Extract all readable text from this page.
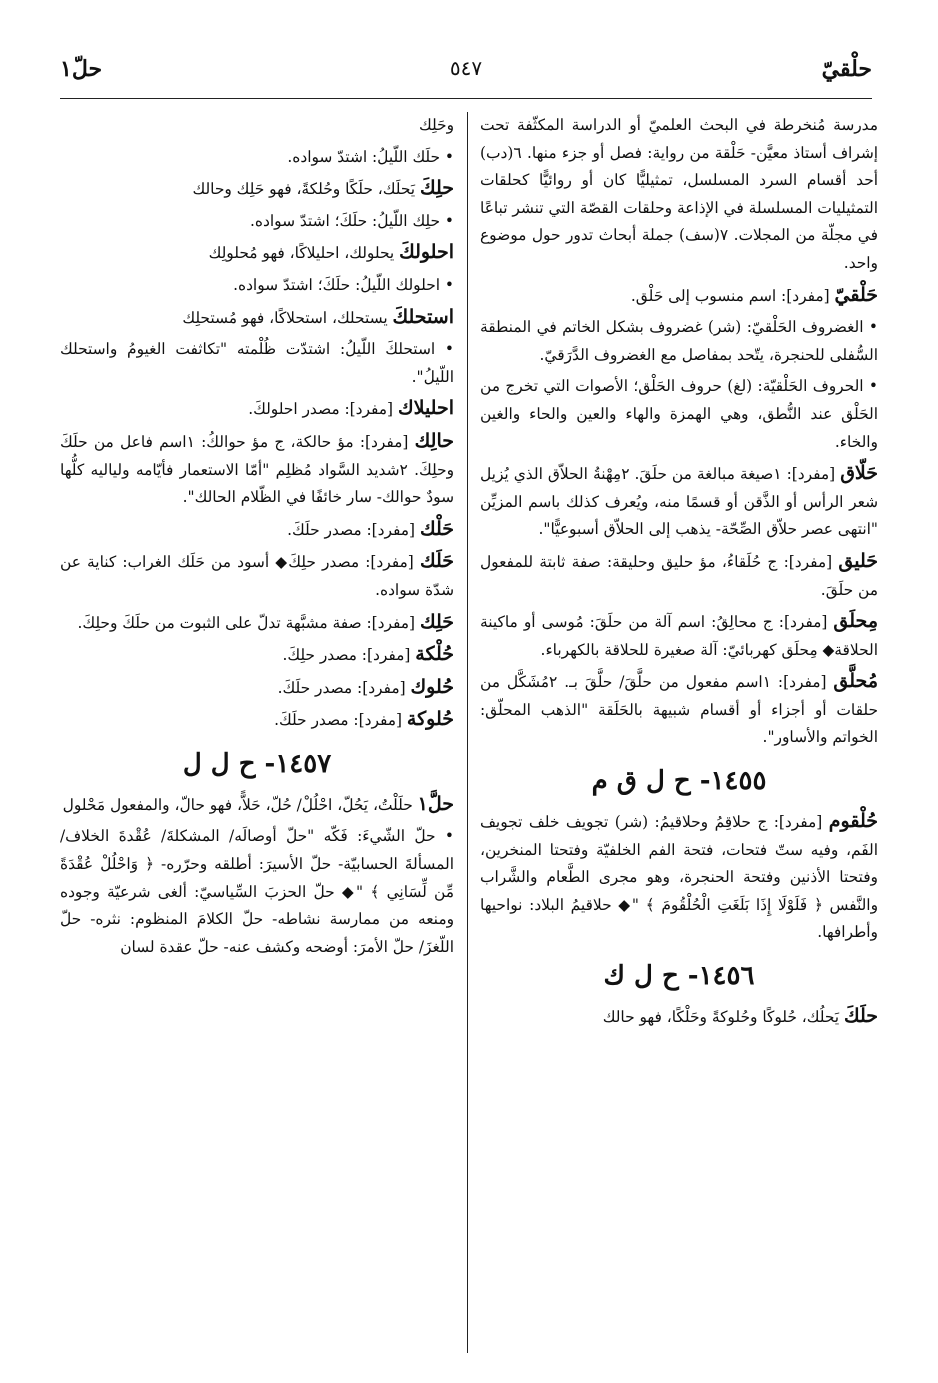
حلْقيّ
٥٤٧
حلّ١

مدرسة مُنخرطة في البحث العلميّ أو الدراسة المكثّفة تحت إشراف أستاذ معيَّن- حَلْقة من رواية: فصل أو جزء منها. ٦(دب) أحد أقسام السرد المسلسل، تمثيليًّا كان أو روائيًّا كحلقات التمثيليات المسلسلة في الإذاعة وحلقات القصّة التي تنشر تباعًا في مجلّة من المجلات. ٧(سف) جملة أبحاث تدور حول موضوع واحد.

حَلْقيّ [مفرد]: اسم منسوب إلى حَلْق.

• الغضروف الحَلْقيّ: (شر) غضروف بشكل الخاتم في المنطقة السُّفلى للحنجرة، يتّحد بمفاصل مع الغضروف الدَّرَقيّ.

• الحروف الحَلْقيّة: (لغ) حروف الحَلْق؛ الأصوات التي تخرج من الحَلْق عند النُّطق، وهي الهمزة والهاء والعين والحاء والغين والخاء.

حَلّاق [مفرد]: ١صيغة مبالغة من حلَقَ. ٢مِهْنةُ الحلاّق الذي يُزيل شعر الرأس أو الذَّقن أو قسمًا منه، ويُعرف كذلك باسم المزيِّن "انتهى عصر حلاّق الصِّحّة- يذهب إلى الحلاّق أسبوعيًّا".

حَليق [مفرد]: ج حُلَقاءُ، مؤ حليق وحليقة: صفة ثابتة للمفعول من حلَقَ.

مِحلَق [مفرد]: ج محالِقُ: اسم آلة من حلَقَ: مُوسى أو ماكينة الحلاقة◆ مِحلَق كهربائيّ: آلة صغيرة للحلاقة بالكهرباء.

مُحلَّق [مفرد]: ١اسم مفعول من حلَّقَ/ حلَّقَ بـ. ٢مُشَكَّل من حلقات أو أجزاء أو أقسام شبيهة بالحَلَقة "الذهب المحلّق: الخواتم والأساور".

١٤٥٥- ح ل ق م

حُلْقوم [مفرد]: ج حلاقِمُ وحلاقيمُ: (شر) تجويف خلف تجويف الفَم، وفيه ستّ فتحات، فتحة الفم الخلفيّة وفتحتا المنخرين، وفتحتا الأذنين وفتحة الحنجرة، وهو مجرى الطَّعام والشَّراب والنَّفس ﴿ فَلَوْلَا إِذَا بَلَغَتِ الْحُلْقُومَ ﴾ "◆ حلاقيمُ البلاد: نواحيها وأطرافها.

١٤٥٦- ح ل ك

حلَكَ يَحلُك، حُلوكًا وحُلوكةً وحَلْكًا، فهو حالك

وحَلِك

• حلَك اللّيلُ: اشتدّ سواده.

حلِكَ يَحلَك، حلَكًا وحُلكةً، فهو حَلِك وحالك

• حلِك اللّيلُ: حلَكَ؛ اشتدّ سواده.

احلولكَ يحلولك، احليلاكًا، فهو مُحلولِك

• احلولك اللّيلُ: حلَكَ؛ اشتدّ سواده.

استحلكَ يستحلك، استحلاكًا، فهو مُستحلِك

• استحلكَ اللّيلُ: اشتدّت ظُلْمته "تكاثفت الغيومُ واستحلك اللّيلُ".

احليلاك [مفرد]: مصدر احلولكَ.

حالِك [مفرد]: مؤ حالكة، ج مؤ حوالكُ: ١اسم فاعل من حلَكَ وحلِكَ. ٢شديد السَّواد مُظلِم "أمّا الاستعمار فأيّامه ولياليه كلُّها سودٌ حوالك- سار خائفًا في الظّلام الحالك".

حَلْك [مفرد]: مصدر حلَكَ.

حَلَك [مفرد]: مصدر حلِكَ◆ أسود من حَلَك الغراب: كناية عن شدّة سواده.

حَلِك [مفرد]: صفة مشبَّهة تدلّ على الثبوت من حلَكَ وحلِكَ.

حُلْكة [مفرد]: مصدر حلِكَ.

حُلوك [مفرد]: مصدر حلَكَ.

حُلوكة [مفرد]: مصدر حلَكَ.

١٤٥٧- ح ل ل

حلَّ١ حلَلْتُ، يَحُلّ، احْلُلْ/ حُلّ، حَلاًّ، فهو حالّ، والمفعول مَحْلول

• حلّ الشّيءَ: فَكّه "حلّ أوصالَه/ المشكلةَ/ عُقْدةَ الخلاف/ المسألةَ الحسابيّة- حلّ الأسيرَ: أطلقه وحرّره- ﴿ وَاحْلُلْ عُقْدَةً مِّن لِّسَانِي ﴾ "◆ حلّ الحزبَ السِّياسيّ: ألغى شرعيّة وجوده ومنعه من ممارسة نشاطه- حلّ الكلامَ المنظوم: نثره- حلّ اللّغزَ/ حلّ الأمرَ: أوضحه وكشف عنه- حلّ عقدة لسان
